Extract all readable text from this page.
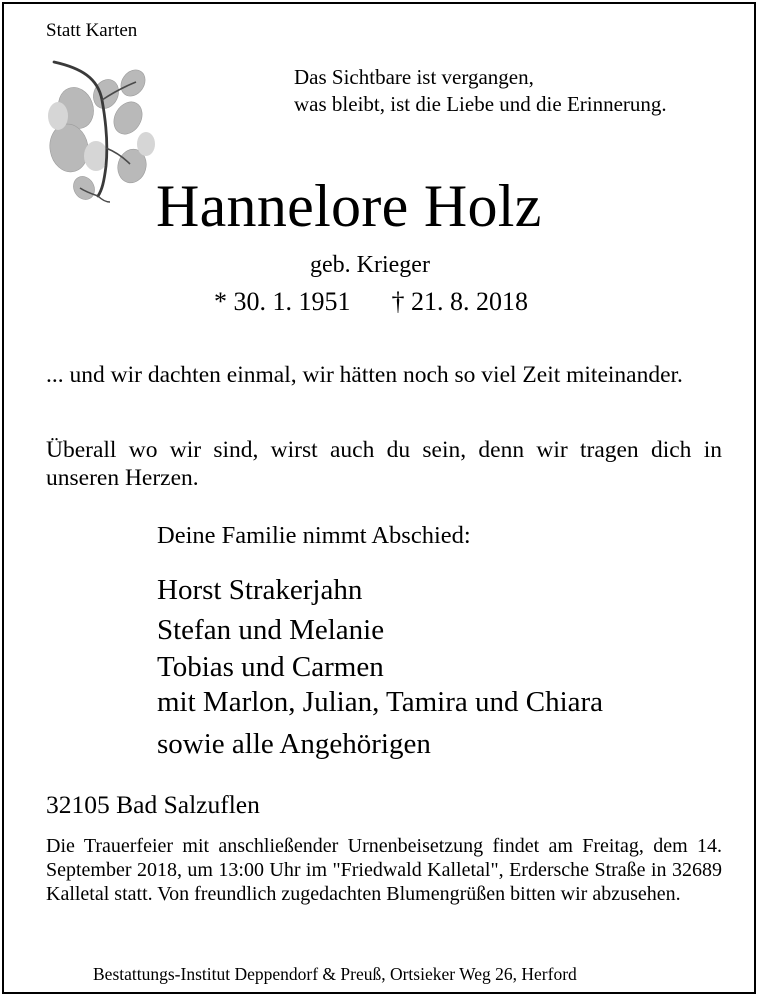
Statt Karten
Das Sichtbare ist vergangen,
was bleibt, ist die Liebe und die Erinnerung.
Hannelore Holz
geb. Krieger
* 30. 1. 1951 † 21. 8. 2018
... und wir dachten einmal, wir hätten noch so viel Zeit miteinander.
Überall wo wir sind, wirst auch du sein, denn wir tragen dich in unseren Herzen.
Deine Familie nimmt Abschied:
Horst Strakerjahn
Stefan und Melanie
Tobias und Carmen
mit Marlon, Julian, Tamira und Chiara
sowie alle Angehörigen
32105 Bad Salzuflen
Die Trauerfeier mit anschließender Urnenbeisetzung findet am Freitag, dem 14. September 2018, um 13:00 Uhr im "Friedwald Kalletal", Erdersche Straße in 32689 Kalletal statt. Von freundlich zugedachten Blumengrüßen bitten wir abzusehen.
Bestattungs-Institut Deppendorf & Preuß, Ortsieker Weg 26, Herford
